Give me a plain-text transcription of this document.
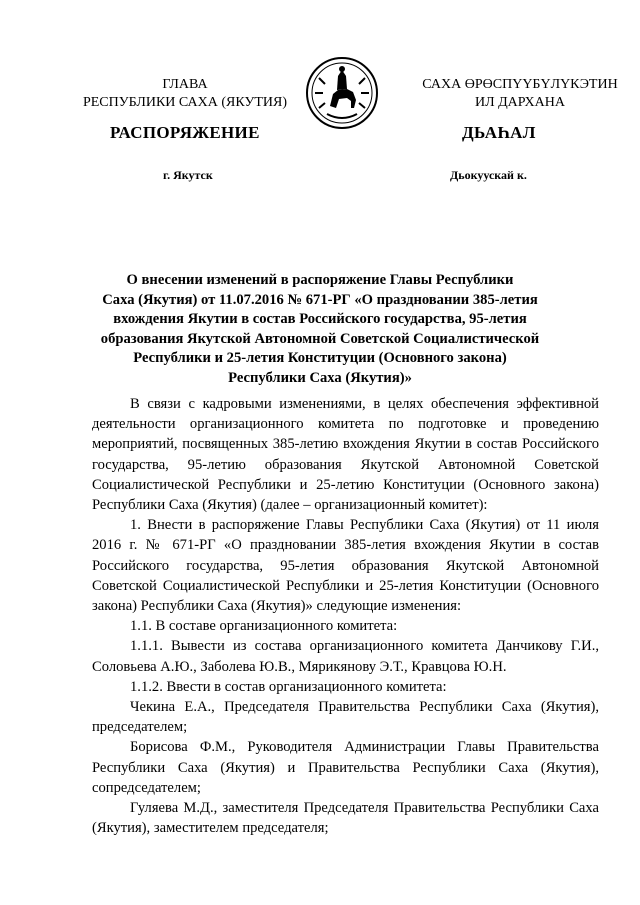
ГЛАВА
РЕСПУБЛИКИ САХА (ЯКУТИЯ)
САХА ӨРӨСПҮҮБҮЛҮКЭТИН
ИЛ ДАРХАНА
РАСПОРЯЖЕНИЕ	ДЬАҺАЛ
г. Якутск	Дьокуускай к.
О внесении изменений в распоряжение Главы Республики
Саха (Якутия) от 11.07.2016 № 671-РГ «О праздновании 385-летия
вхождения Якутии в состав Российского государства, 95-летия
образования Якутской Автономной Советской Социалистической
Республики и 25-летия Конституции (Основного закона)
Республики Саха (Якутия)»

В связи с кадровыми изменениями, в целях обеспечения эффективной деятельности организационного комитета по подготовке и проведению мероприятий, посвященных 385-летию вхождения Якутии в состав Российского государства, 95-летию образования Якутской Автономной Советской Социалистической Республики и 25-летию Конституции (Основного закона) Республики Саха (Якутия) (далее – организационный комитет):

1. Внести в распоряжение Главы Республики Саха (Якутия) от 11 июля 2016 г. № 671-РГ «О праздновании 385-летия вхождения Якутии в состав Российского государства, 95-летия образования Якутской Автономной Советской Социалистической Республики и 25-летия Конституции (Основного закона) Республики Саха (Якутия)» следующие изменения:

1.1. В составе организационного комитета:

1.1.1. Вывести из состава организационного комитета Данчикову Г.И., Соловьева А.Ю., Заболева Ю.В., Мярикянову Э.Т., Кравцова Ю.Н.

1.1.2. Ввести в состав организационного комитета:

Чекина Е.А., Председателя Правительства Республики Саха (Якутия), председателем;

Борисова Ф.М., Руководителя Администрации Главы Правительства Республики Саха (Якутия) и Правительства Республики Саха (Якутия), сопредседателем;

Гуляева М.Д., заместителя Председателя Правительства Республики Саха (Якутия), заместителем председателя;
